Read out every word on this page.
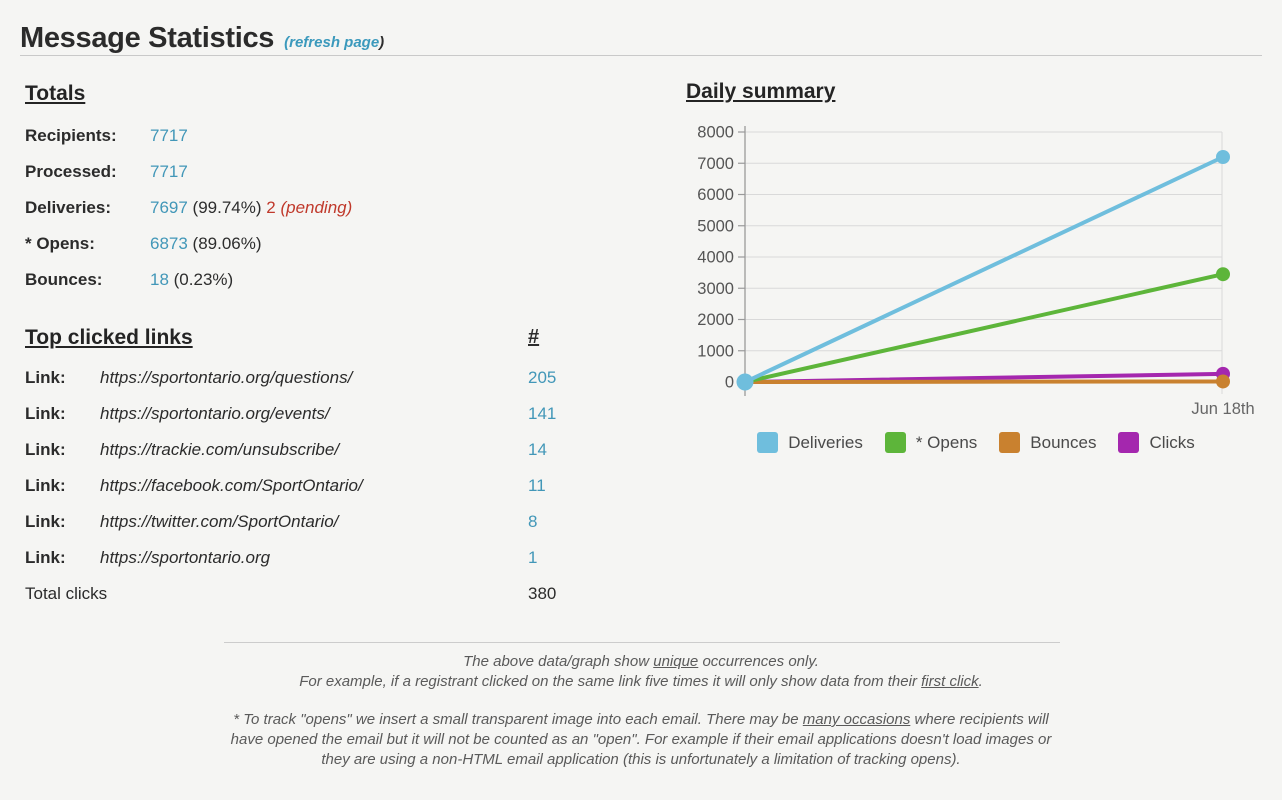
Message Statistics (refresh page)
Totals
Recipients:	7717
Processed:	7717
Deliveries:	7697 (99.74%) 2 (pending)
* Opens:	6873 (89.06%)
Bounces:	18 (0.23%)
Top clicked links	#
Link:	https://sportontario.org/questions/	205
Link:	https://sportontario.org/events/	141
Link:	https://trackie.com/unsubscribe/	14
Link:	https://facebook.com/SportOntario/	11
Link:	https://twitter.com/SportOntario/	8
Link:	https://sportontario.org	1
Total clicks	380
Daily summary
0
1000
2000
3000
4000
5000
6000
7000
8000
Jun 18th
Deliveries	* Opens	Bounces	Clicks
The above data/graph show unique occurrences only.
For example, if a registrant clicked on the same link five times it will only show data from their first click.
* To track "opens" we insert a small transparent image into each email. There may be many occasions where recipients will
have opened the email but it will not be counted as an "open". For example if their email applications doesn't load images or
they are using a non-HTML email application (this is unfortunately a limitation of tracking opens).
